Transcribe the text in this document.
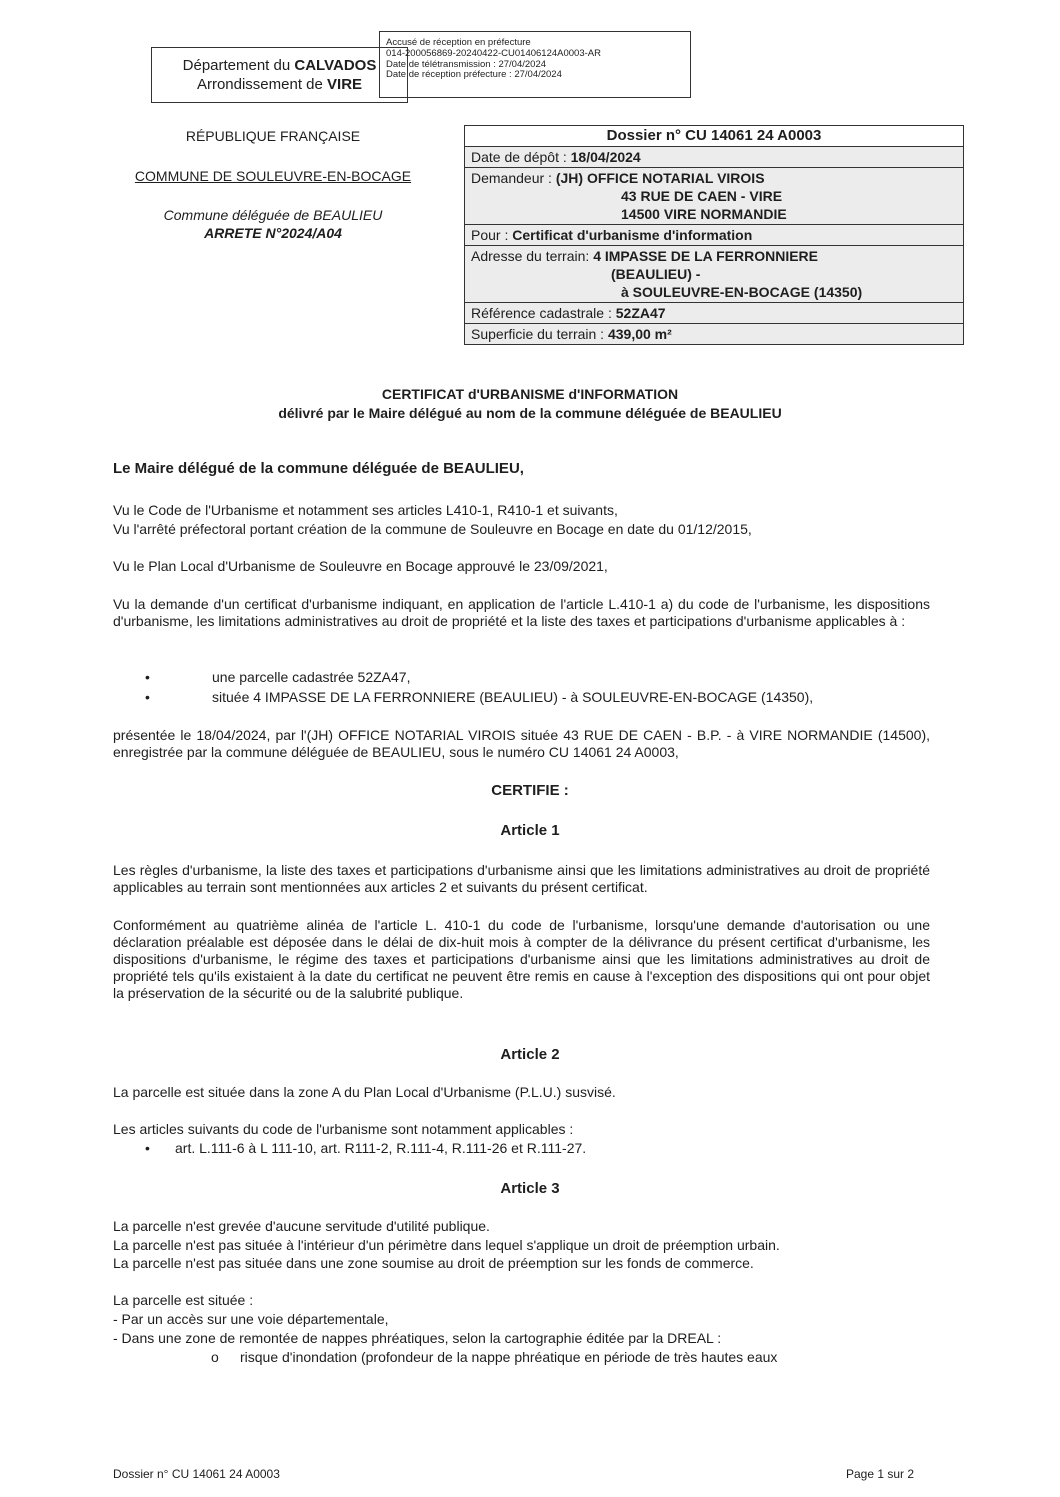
Département du CALVADOS
Arrondissement de VIRE
Accusé de réception en préfecture
014-200056869-20240422-CU01406124A0003-AR
Date de télétransmission : 27/04/2024
Date de réception préfecture : 27/04/2024
RÉPUBLIQUE FRANÇAISE
COMMUNE DE SOULEUVRE-EN-BOCAGE
Commune déléguée de BEAULIEU
ARRETE N°2024/A04
Dossier n° CU 14061 24 A0003
Date de dépôt : 18/04/2024

Demandeur : (JH) OFFICE NOTARIAL VIROIS
43 RUE DE CAEN - VIRE
14500 VIRE NORMANDIE

Pour : Certificat d'urbanisme d'information

Adresse du terrain: 4 IMPASSE DE LA FERRONNIERE
(BEAULIEU) -
à SOULEUVRE-EN-BOCAGE (14350)

Référence cadastrale : 52ZA47
Superficie du terrain : 439,00 m²
CERTIFICAT d'URBANISME d'INFORMATION
délivré par le Maire délégué au nom de la commune déléguée de BEAULIEU
Le Maire délégué de la commune déléguée de BEAULIEU,
Vu le Code de l'Urbanisme et notamment ses articles L410-1, R410-1 et suivants,
Vu l'arrêté préfectoral portant création de la commune de Souleuvre en Bocage en date du 01/12/2015,
Vu le Plan Local d'Urbanisme de Souleuvre en Bocage approuvé le 23/09/2021,
Vu la demande d'un certificat d'urbanisme indiquant, en application de l'article L.410-1 a) du code de l'urbanisme, les dispositions d'urbanisme, les limitations administratives au droit de propriété et la liste des taxes et participations d'urbanisme applicables à :
•	une parcelle cadastrée 52ZA47,
•	située 4 IMPASSE DE LA FERRONNIERE (BEAULIEU) - à SOULEUVRE-EN-BOCAGE (14350),
présentée le 18/04/2024, par l'(JH) OFFICE NOTARIAL VIROIS située 43 RUE DE CAEN - B.P. - à VIRE NORMANDIE (14500), enregistrée par la commune déléguée de BEAULIEU, sous le numéro CU 14061 24 A0003,
CERTIFIE :
Article 1
Les règles d'urbanisme, la liste des taxes et participations d'urbanisme ainsi que les limitations administratives au droit de propriété applicables au terrain sont mentionnées aux articles 2 et suivants du présent certificat.
Conformément au quatrième alinéa de l'article L. 410-1 du code de l'urbanisme, lorsqu'une demande d'autorisation ou une déclaration préalable est déposée dans le délai de dix-huit mois à compter de la délivrance du présent certificat d'urbanisme, les dispositions d'urbanisme, le régime des taxes et participations d'urbanisme ainsi que les limitations administratives au droit de propriété tels qu'ils existaient à la date du certificat ne peuvent être remis en cause à l'exception des dispositions qui ont pour objet la préservation de la sécurité ou de la salubrité publique.
Article 2
La parcelle est située dans la zone A du Plan Local d'Urbanisme (P.L.U.) susvisé.
Les articles suivants du code de l'urbanisme sont notamment applicables :
• art. L.111-6 à L 111-10, art. R111-2, R.111-4, R.111-26 et R.111-27.
Article 3
La parcelle n'est grevée d'aucune servitude d'utilité publique.
La parcelle n'est pas située à l'intérieur d'un périmètre dans lequel s'applique un droit de préemption urbain.
La parcelle n'est pas située dans une zone soumise au droit de préemption sur les fonds de commerce.
La parcelle est située :
- Par un accès sur une voie départementale,
- Dans une zone de remontée de nappes phréatiques, selon la cartographie éditée par la DREAL :
o risque d'inondation (profondeur de la nappe phréatique en période de très hautes eaux
Dossier n° CU 14061 24 A0003	Page 1 sur 2
